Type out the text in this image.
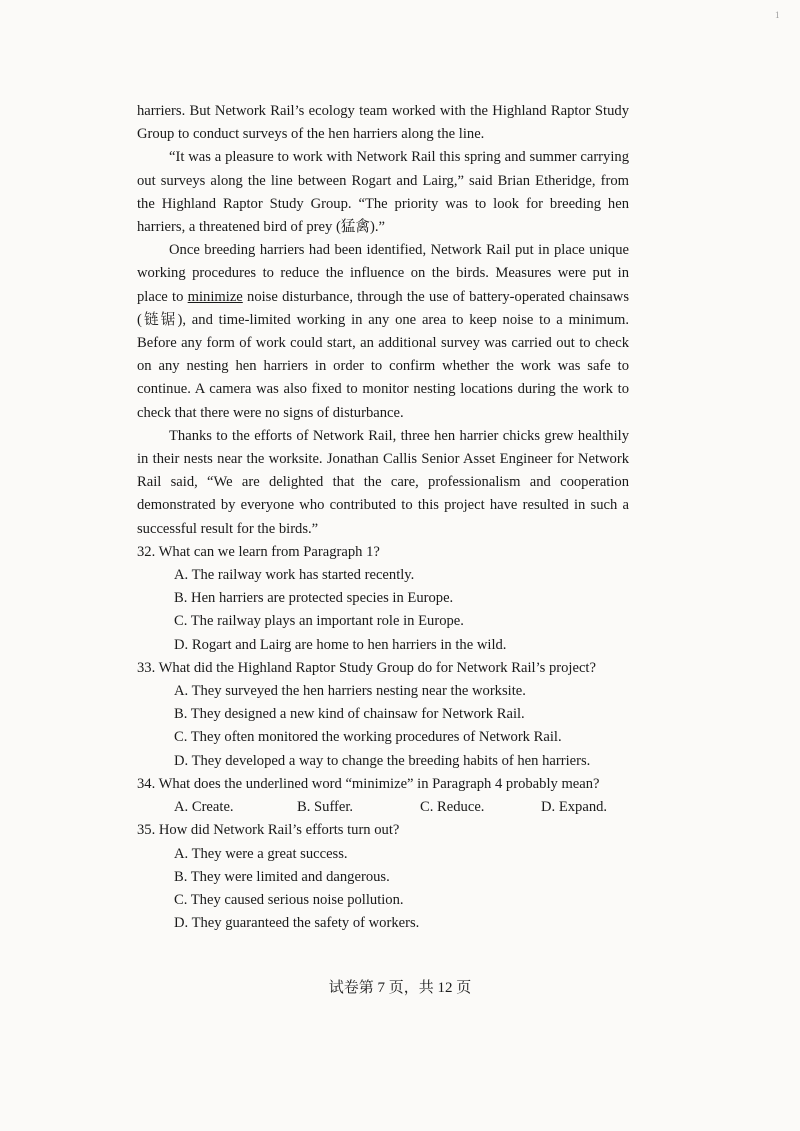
1

harriers. But Network Rail’s ecology team worked with the Highland Raptor Study Group to conduct surveys of the hen harriers along the line.

“It was a pleasure to work with Network Rail this spring and summer carrying out surveys along the line between Rogart and Lairg,” said Brian Etheridge, from the Highland Raptor Study Group. “The priority was to look for breeding hen harriers, a threatened bird of prey (猛禽).”

Once breeding harriers had been identified, Network Rail put in place unique working procedures to reduce the influence on the birds. Measures were put in place to minimize noise disturbance, through the use of battery-operated chainsaws (链锯), and time-limited working in any one area to keep noise to a minimum. Before any form of work could start, an additional survey was carried out to check on any nesting hen harriers in order to confirm whether the work was safe to continue. A camera was also fixed to monitor nesting locations during the work to check that there were no signs of disturbance.

Thanks to the efforts of Network Rail, three hen harrier chicks grew healthily in their nests near the worksite. Jonathan Callis Senior Asset Engineer for Network Rail said, “We are delighted that the care, professionalism and cooperation demonstrated by everyone who contributed to this project have resulted in such a successful result for the birds.”

32. What can we learn from Paragraph 1?

A. The railway work has started recently.

B. Hen harriers are protected species in Europe.

C. The railway plays an important role in Europe.

D. Rogart and Lairg are home to hen harriers in the wild.

33. What did the Highland Raptor Study Group do for Network Rail’s project?

A. They surveyed the hen harriers nesting near the worksite.

B. They designed a new kind of chainsaw for Network Rail.

C. They often monitored the working procedures of Network Rail.

D. They developed a way to change the breeding habits of hen harriers.

34. What does the underlined word “minimize” in Paragraph 4 probably mean?

A. Create.	B. Suffer.	C. Reduce.	D. Expand.

35. How did Network Rail’s efforts turn out?

A. They were a great success.

B. They were limited and dangerous.

C. They caused serious noise pollution.

D. They guaranteed the safety of workers.

试卷第 7 页，共 12 页
